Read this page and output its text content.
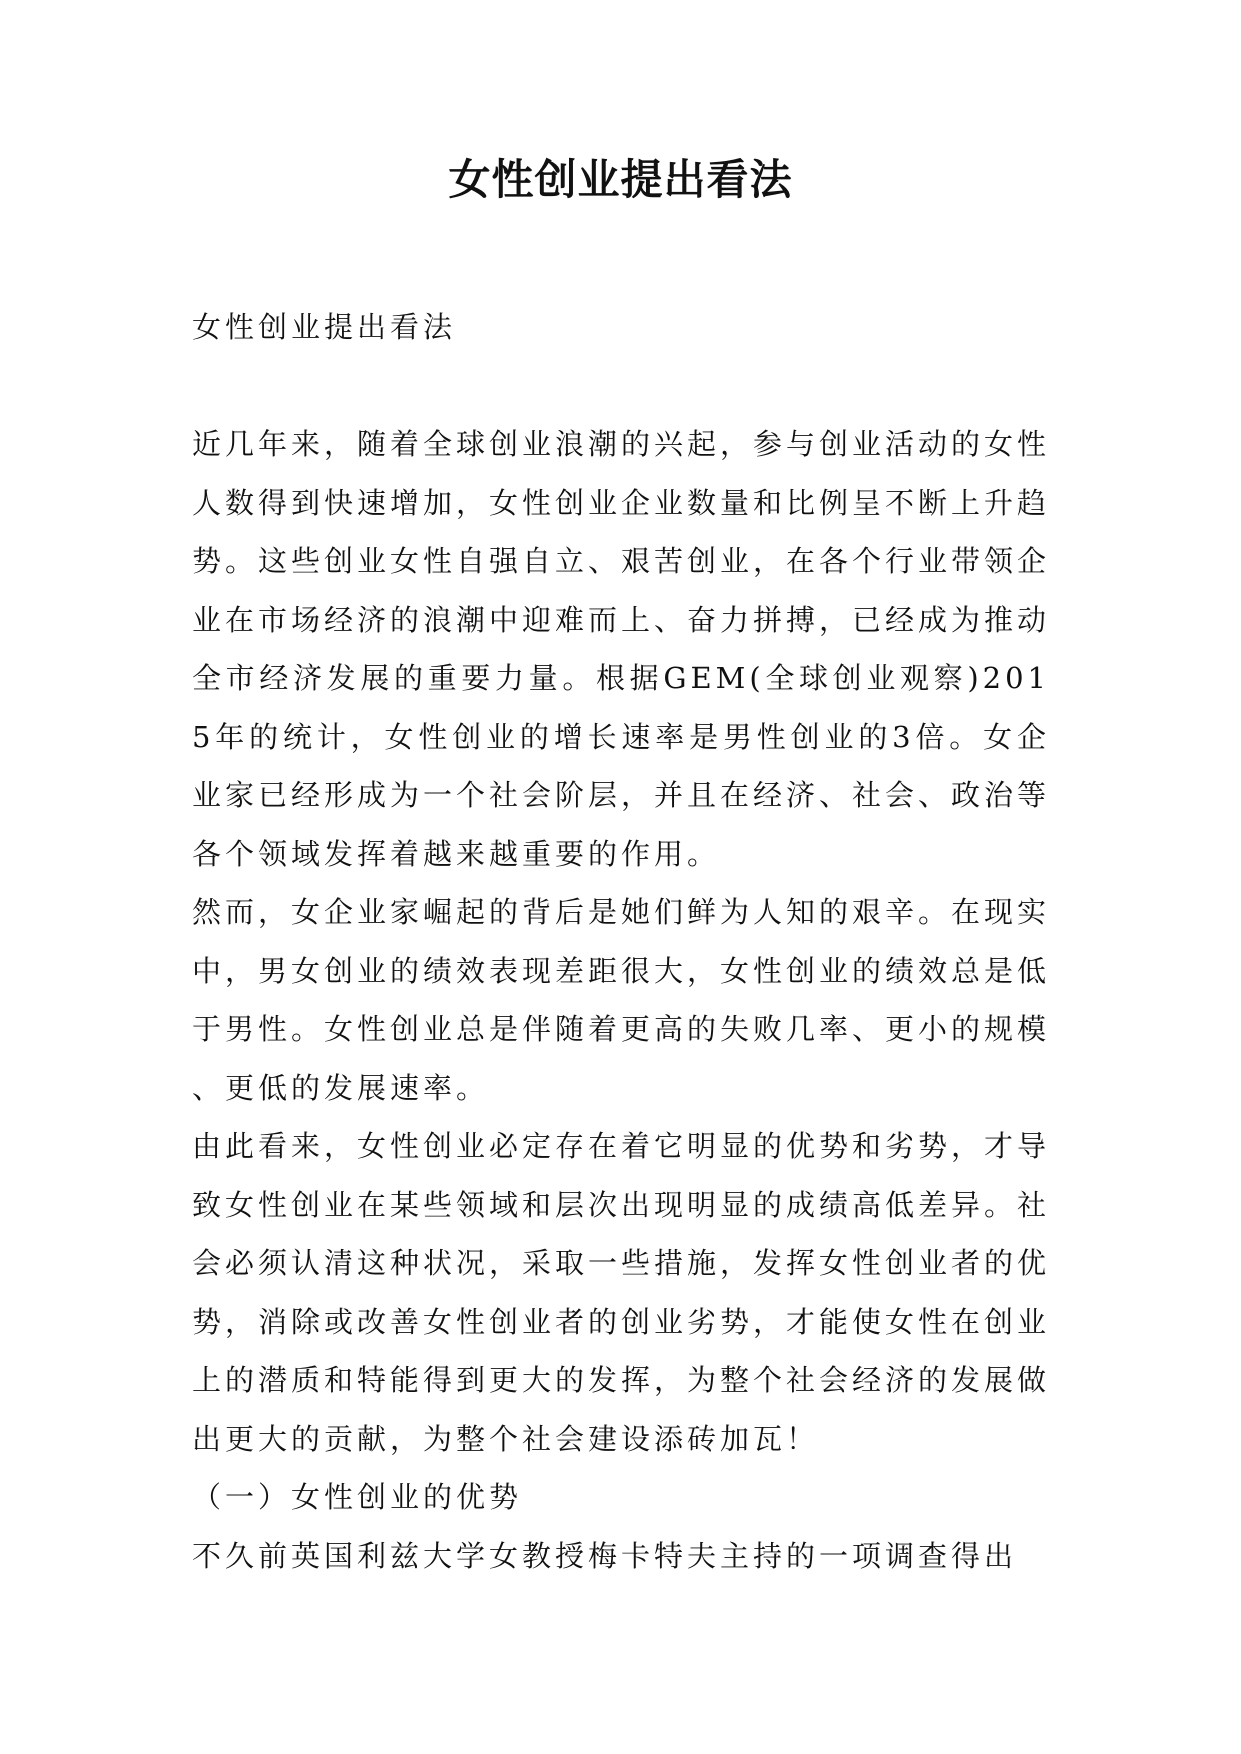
女性创业提出看法

女性创业提出看法

近几年来，随着全球创业浪潮的兴起，参与创业活动的女性人数得到快速增加，女性创业企业数量和比例呈不断上升趋势。这些创业女性自强自立、艰苦创业，在各个行业带领企业在市场经济的浪潮中迎难而上、奋力拼搏，已经成为推动全市经济发展的重要力量。根据GEM(全球创业观察)2015年的统计，女性创业的增长速率是男性创业的3倍。女企业家已经形成为一个社会阶层，并且在经济、社会、政治等各个领域发挥着越来越重要的作用。

然而，女企业家崛起的背后是她们鲜为人知的艰辛。在现实中，男女创业的绩效表现差距很大，女性创业的绩效总是低于男性。女性创业总是伴随着更高的失败几率、更小的规模、更低的发展速率。

由此看来，女性创业必定存在着它明显的优势和劣势，才导致女性创业在某些领域和层次出现明显的成绩高低差异。社会必须认清这种状况，采取一些措施，发挥女性创业者的优势，消除或改善女性创业者的创业劣势，才能使女性在创业上的潜质和特能得到更大的发挥，为整个社会经济的发展做出更大的贡献，为整个社会建设添砖加瓦！

（一）女性创业的优势

不久前英国利兹大学女教授梅卡特夫主持的一项调查得出
